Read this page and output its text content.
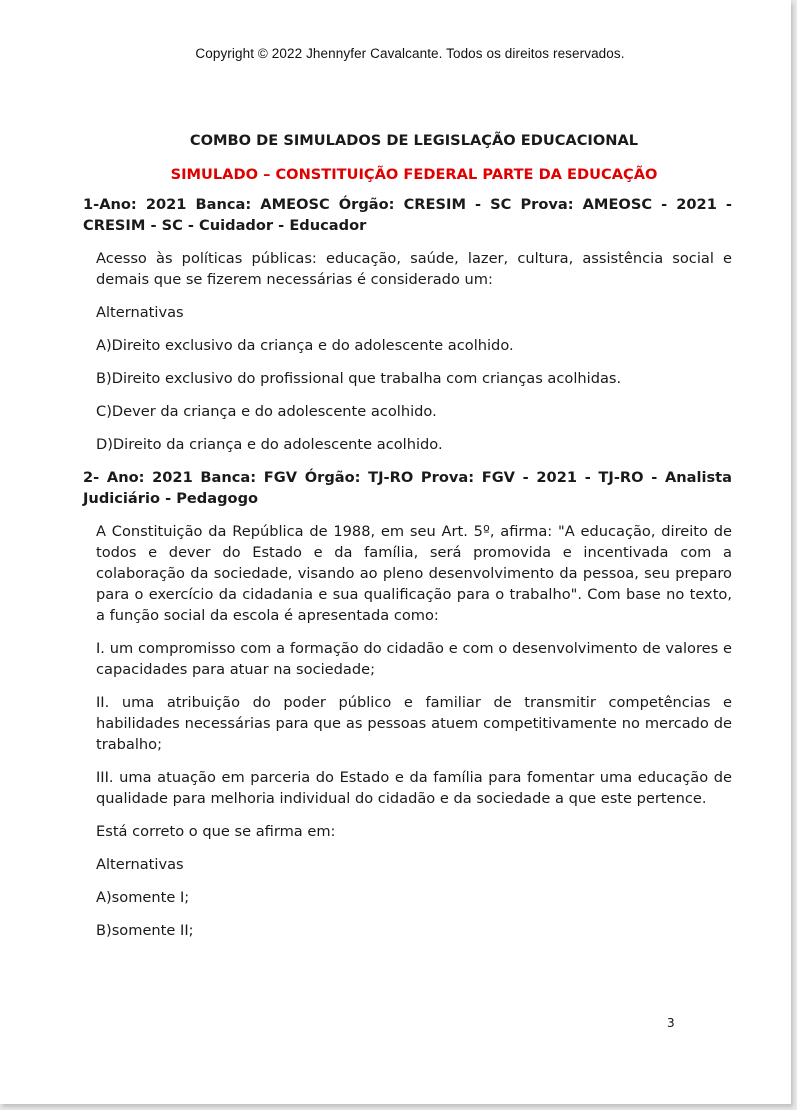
Copyright © 2022 Jhennyfer Cavalcante. Todos os direitos reservados.
COMBO DE SIMULADOS DE LEGISLAÇÃO EDUCACIONAL
SIMULADO – CONSTITUIÇÃO FEDERAL PARTE DA EDUCAÇÃO

1-Ano: 2021 Banca: AMEOSC Órgão: CRESIM - SC Prova: AMEOSC - 2021 - CRESIM - SC - Cuidador - Educador

Acesso às políticas públicas: educação, saúde, lazer, cultura, assistência social e demais que se fizerem necessárias é considerado um:

Alternativas

A)Direito exclusivo da criança e do adolescente acolhido.

B)Direito exclusivo do profissional que trabalha com crianças acolhidas.

C)Dever da criança e do adolescente acolhido.

D)Direito da criança e do adolescente acolhido.

2- Ano: 2021 Banca: FGV Órgão: TJ-RO Prova: FGV - 2021 - TJ-RO - Analista Judiciário - Pedagogo

A Constituição da República de 1988, em seu Art. 5º, afirma: "A educação, direito de todos e dever do Estado e da família, será promovida e incentivada com a colaboração da sociedade, visando ao pleno desenvolvimento da pessoa, seu preparo para o exercício da cidadania e sua qualificação para o trabalho". Com base no texto, a função social da escola é apresentada como:

I. um compromisso com a formação do cidadão e com o desenvolvimento de valores e capacidades para atuar na sociedade;

II. uma atribuição do poder público e familiar de transmitir competências e habilidades necessárias para que as pessoas atuem competitivamente no mercado de trabalho;

III. uma atuação em parceria do Estado e da família para fomentar uma educação de qualidade para melhoria individual do cidadão e da sociedade a que este pertence.

Está correto o que se afirma em:

Alternativas

A)somente I;

B)somente II;

3
